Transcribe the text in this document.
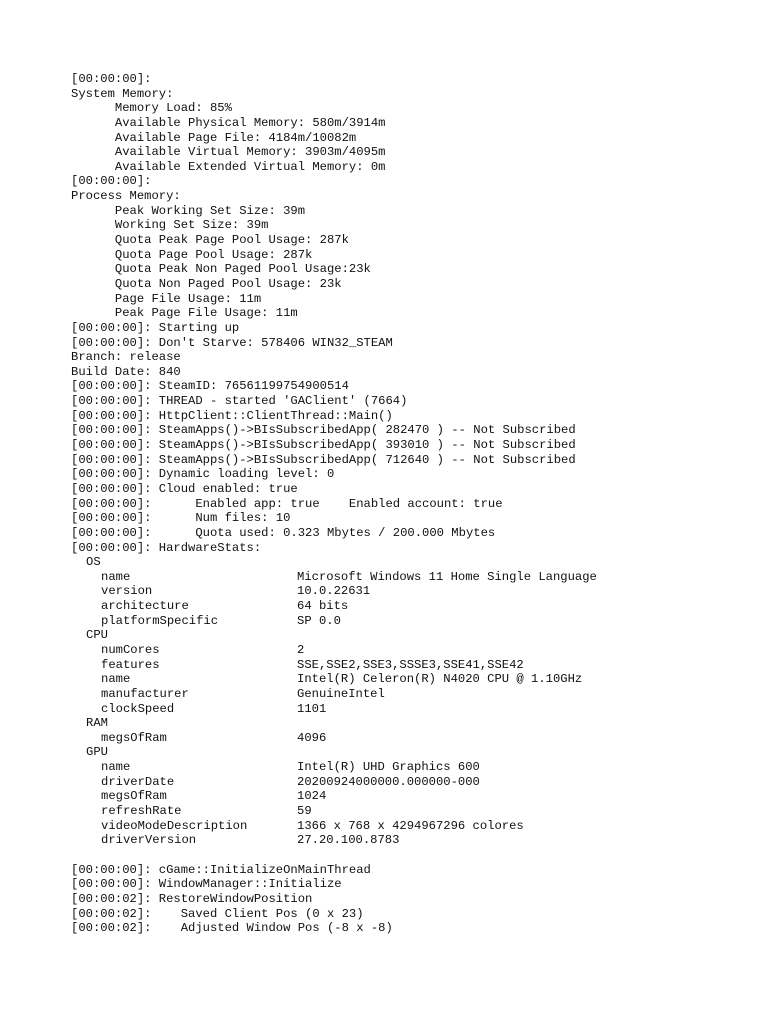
[00:00:00]:
System Memory:
Memory Load: 85%
Available Physical Memory: 580m/3914m
Available Page File: 4184m/10082m
Available Virtual Memory: 3903m/4095m
Available Extended Virtual Memory: 0m
[00:00:00]:
Process Memory:
Peak Working Set Size: 39m
Working Set Size: 39m
Quota Peak Page Pool Usage: 287k
Quota Page Pool Usage: 287k
Quota Peak Non Paged Pool Usage:23k
Quota Non Paged Pool Usage: 23k
Page File Usage: 11m
Peak Page File Usage: 11m
[00:00:00]: Starting up
[00:00:00]: Don't Starve: 578406 WIN32_STEAM
Branch: release
Build Date: 840
[00:00:00]: SteamID: 76561199754900514
[00:00:00]: THREAD - started 'GAClient' (7664)
[00:00:00]: HttpClient::ClientThread::Main()
[00:00:00]: SteamApps()->BIsSubscribedApp( 282470 ) -- Not Subscribed
[00:00:00]: SteamApps()->BIsSubscribedApp( 393010 ) -- Not Subscribed
[00:00:00]: SteamApps()->BIsSubscribedApp( 712640 ) -- Not Subscribed
[00:00:00]: Dynamic loading level: 0
[00:00:00]: Cloud enabled: true
[00:00:00]:      Enabled app: true    Enabled account: true
[00:00:00]:      Num files: 10
[00:00:00]:      Quota used: 0.323 Mbytes / 200.000 Mbytes
[00:00:00]: HardwareStats:
OS
name	Microsoft Windows 11 Home Single Language
version	10.0.22631
architecture	64 bits
platformSpecific	SP 0.0
CPU
numCores	2
features	SSE,SSE2,SSE3,SSSE3,SSE41,SSE42
name	Intel(R) Celeron(R) N4020 CPU @ 1.10GHz
manufacturer	GenuineIntel
clockSpeed	1101
RAM
megsOfRam	4096
GPU
name	Intel(R) UHD Graphics 600
driverDate	20200924000000.000000-000
megsOfRam	1024
refreshRate	59
videoModeDescription	1366 x 768 x 4294967296 colores
driverVersion	27.20.100.8783
[00:00:00]: cGame::InitializeOnMainThread
[00:00:00]: WindowManager::Initialize
[00:00:02]: RestoreWindowPosition
[00:00:02]:    Saved Client Pos (0 x 23)
[00:00:02]:    Adjusted Window Pos (-8 x -8)
